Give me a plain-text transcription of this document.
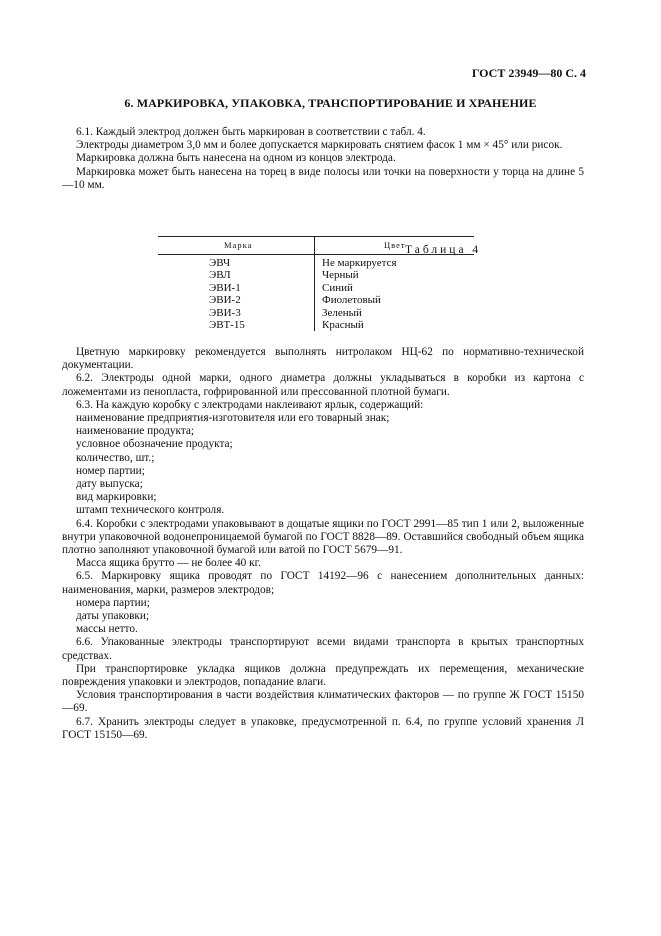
ГОСТ 23949—80 С. 4
6. МАРКИРОВКА, УПАКОВКА, ТРАНСПОРТИРОВАНИЕ И ХРАНЕНИЕ

6.1. Каждый электрод должен быть маркирован в соответствии с табл. 4.

Электроды диаметром 3,0 мм и более допускается маркировать снятием фасок 1 мм × 45° или рисок.

Маркировка должна быть нанесена на одном из концов электрода.

Маркировка может быть нанесена на торец в виде полосы или точки на поверхности у торца на длине 5—10 мм.

Таблица 4
Марка	Цвет
ЭВЧ
ЭВЛ
ЭВИ-1
ЭВИ-2
ЭВИ-3
ЭВТ-15
Не маркируется
Черный
Синий
Фиолетовый
Зеленый
Красный

Цветную маркировку рекомендуется выполнять нитролаком НЦ-62 по нормативно-технической документации.

6.2. Электроды одной марки, одного диаметра должны укладываться в коробки из картона с ложементами из пенопласта, гофрированной или прессованной плотной бумаги.

6.3. На каждую коробку с электродами наклеивают ярлык, содержащий:

наименование предприятия-изготовителя или его товарный знак;

наименование продукта;

условное обозначение продукта;

количество, шт.;

номер партии;

дату выпуска;

вид маркировки;

штамп технического контроля.

6.4. Коробки с электродами упаковывают в дощатые ящики по ГОСТ 2991—85 тип 1 или 2, выложенные внутри упаковочной водонепроницаемой бумагой по ГОСТ 8828—89. Оставшийся свободный объем ящика плотно заполняют упаковочной бумагой или ватой по ГОСТ 5679—91.

Масса ящика брутто — не более 40 кг.

6.5. Маркировку ящика проводят по ГОСТ 14192—96 с нанесением дополнительных данных: наименования, марки, размеров электродов;

номера партии;

даты упаковки;

массы нетто.

6.6. Упакованные электроды транспортируют всеми видами транспорта в крытых транспортных средствах.

При транспортировке укладка ящиков должна предупреждать их перемещения, механические повреждения упаковки и электродов, попадание влаги.

Условия транспортирования в части воздействия климатических факторов — по группе Ж ГОСТ 15150—69.

6.7. Хранить электроды следует в упаковке, предусмотренной п. 6.4, по группе условий хранения Л ГОСТ 15150—69.
